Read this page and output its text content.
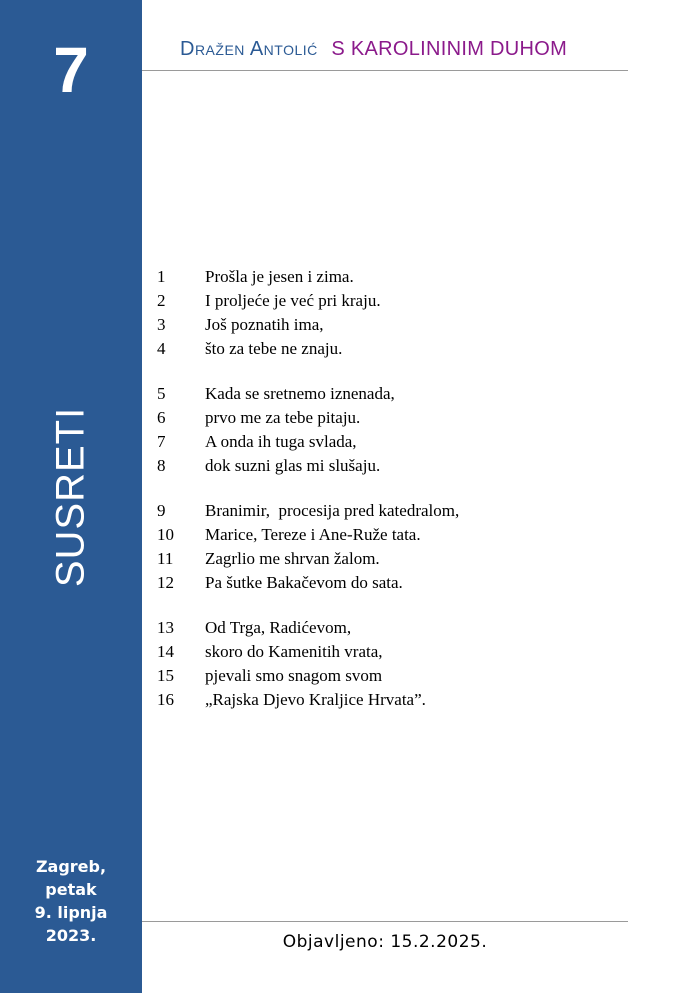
7
SUSRETI
Zagreb,
petak
9. lipnja
2023.
Dražen Antolić S KAROLININIM DUHOM
1	Prošla je jesen i zima.
2	I proljeće je već pri kraju.
3	Još poznatih ima,
4	što za tebe ne znaju.
5	Kada se sretnemo iznenada,
6	prvo me za tebe pitaju.
7	A onda ih tuga svlada,
8	dok suzni glas mi slušaju.
9	Branimir,  procesija pred katedralom,
10	Marice, Tereze i Ane-Ruže tata.
11	Zagrlio me shrvan žalom.
12	Pa šutke Bakačevom do sata.
13	Od Trga, Radićevom,
14	skoro do Kamenitih vrata,
15	pjevali smo snagom svom
16	„Rajska Djevo Kraljice Hrvata”.
Objavljeno: 15.2.2025.
